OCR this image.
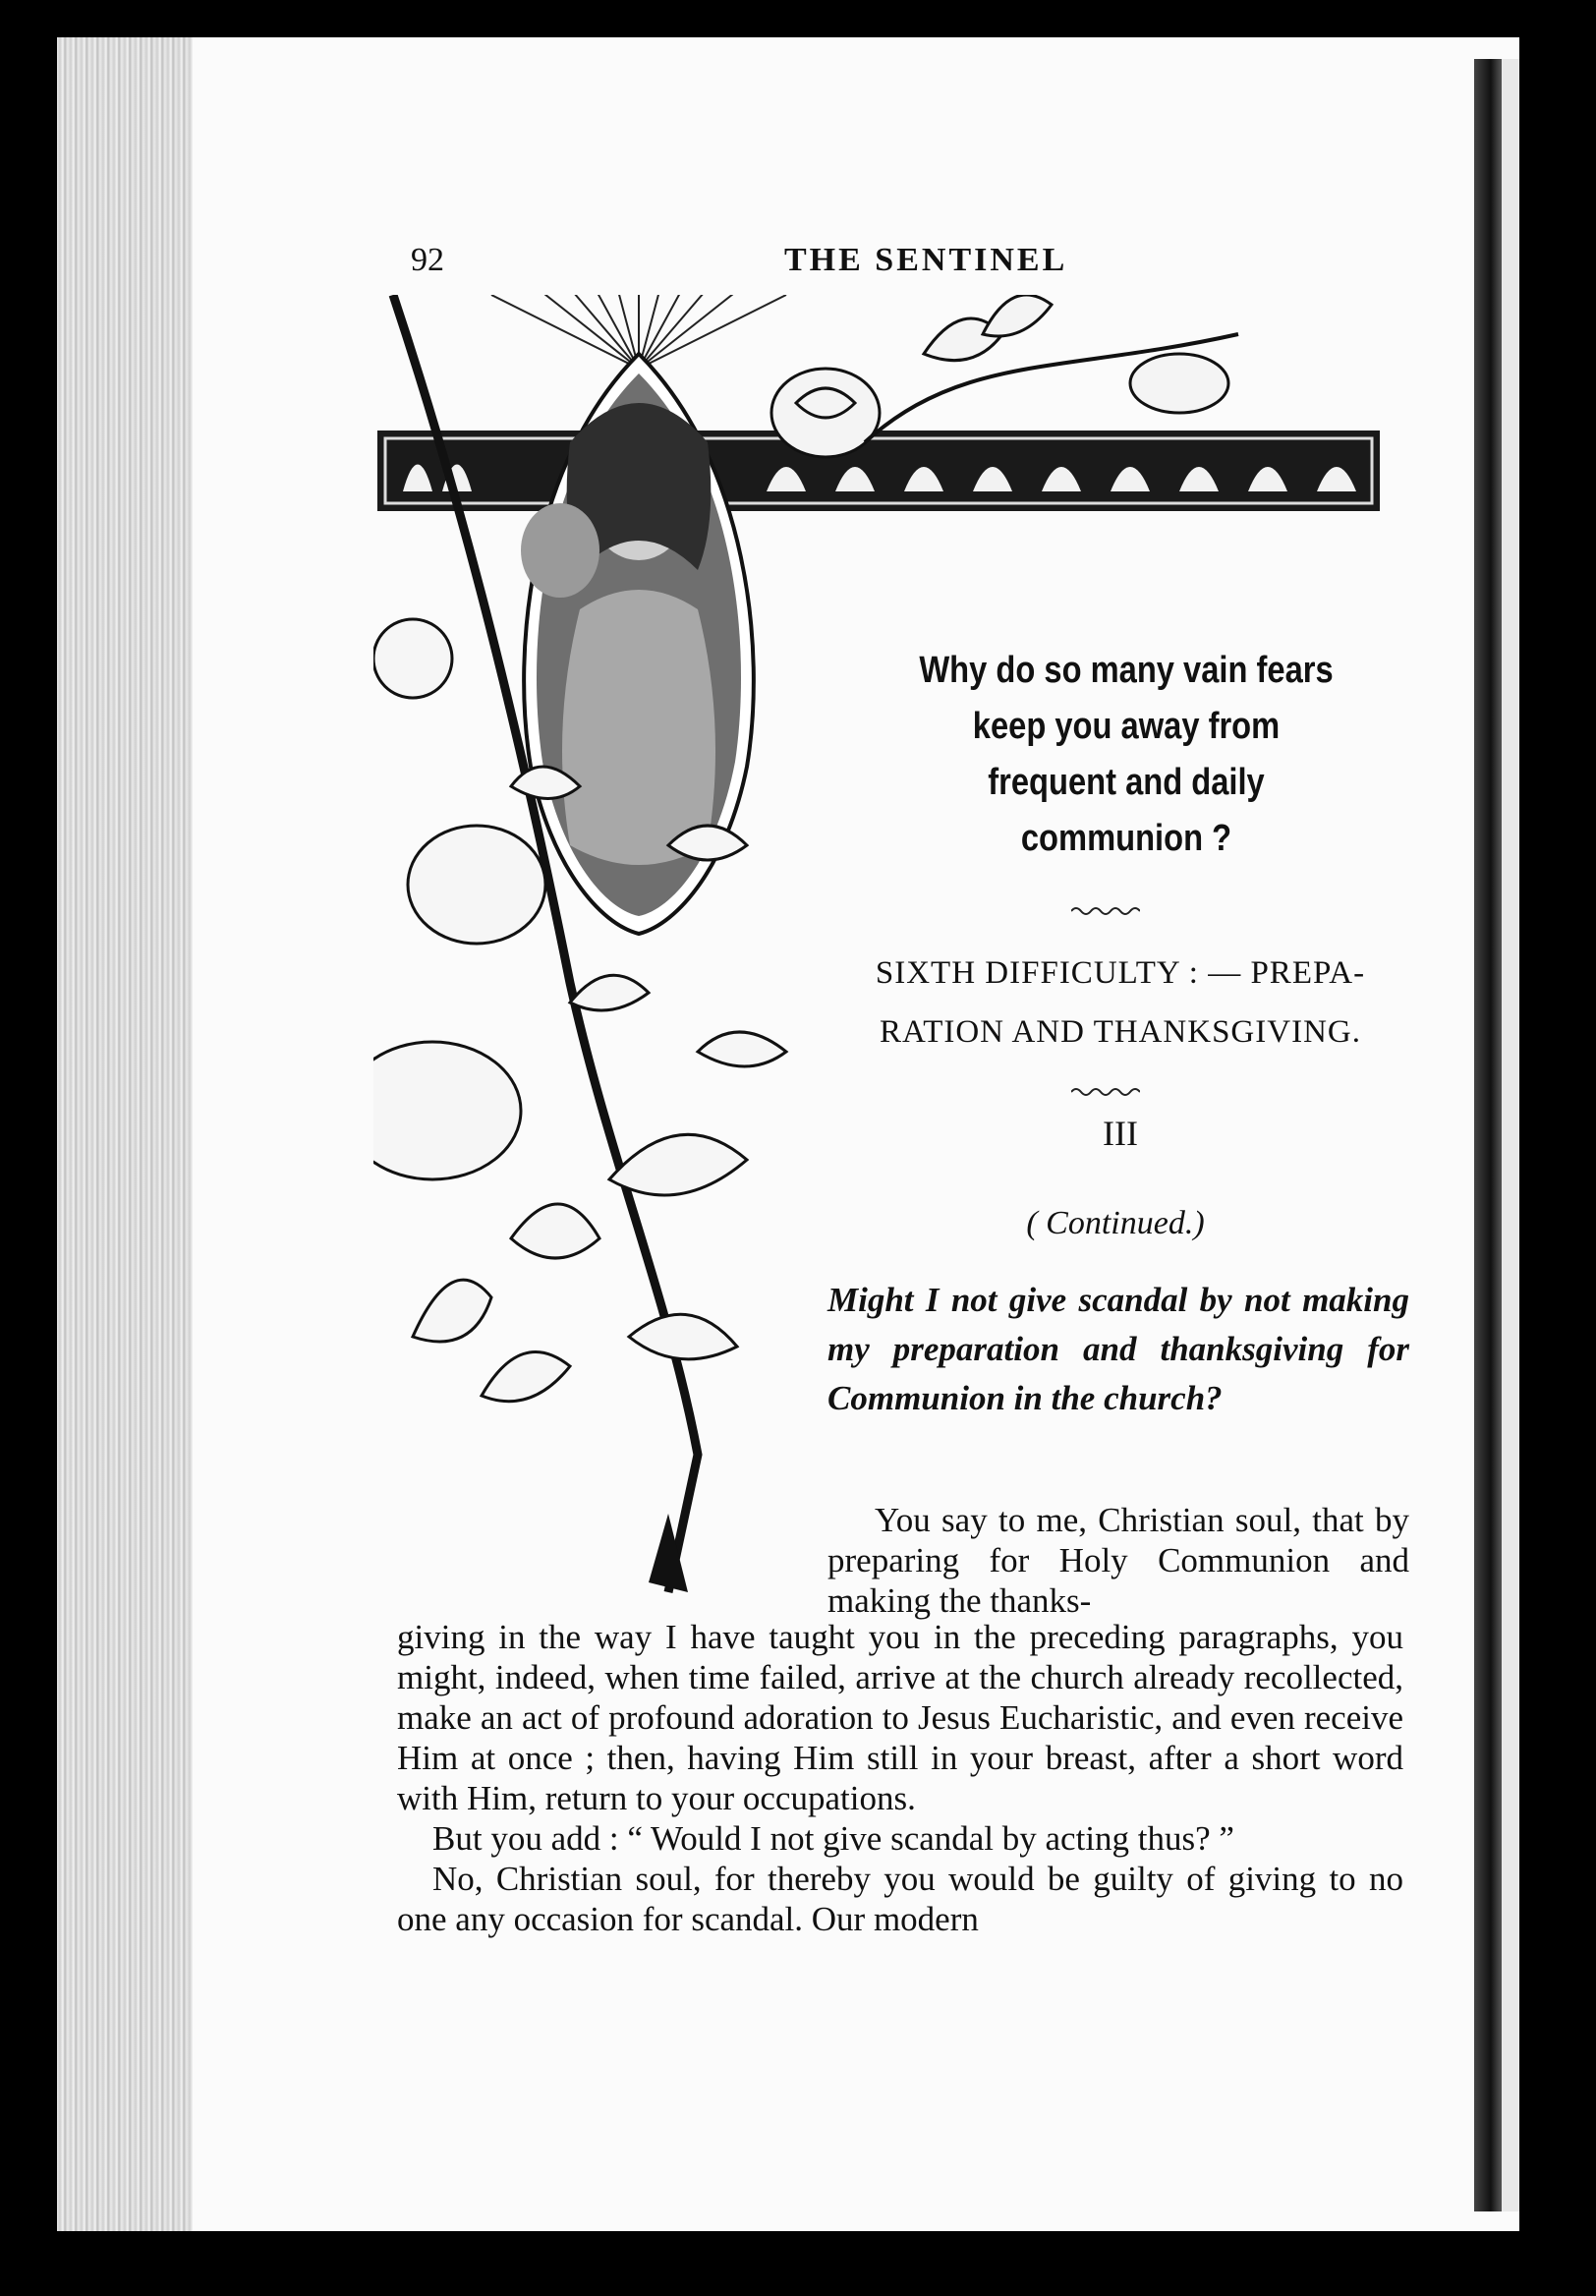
92	THE SENTINEL
Why do so many vain fears
keep you away from
frequent and daily
communion ?
SIXTH DIFFICULTY : — PREPA-
RATION AND THANKSGIVING.
III
( Continued.)
Might I not give scandal by not making my preparation and thanksgiving for Communion in the church?
You say to me, Christian soul, that by preparing for Holy Communion and making the thanks-

giving in the way I have taught you in the preceding paragraphs, you might, indeed, when time failed, arrive at the church already recollected, make an act of profound adoration to Jesus Eucharistic, and even receive Him at once ; then, having Him still in your breast, after a short word with Him, return to your occupations.

But you add : “ Would I not give scandal by acting thus? ”

No, Christian soul, for thereby you would be guilty of giving to no one any occasion for scandal. Our modern
